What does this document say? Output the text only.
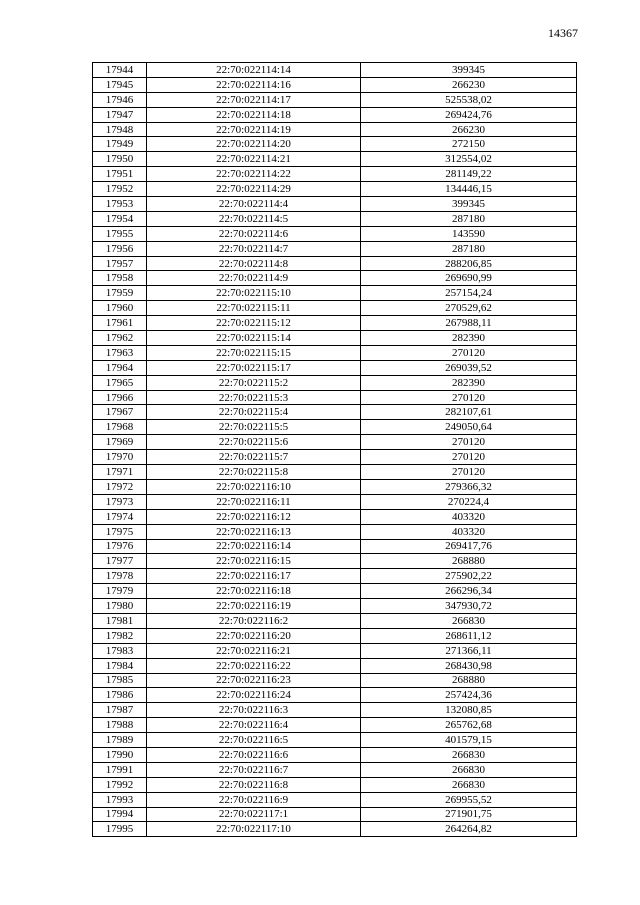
14367
17944	22:70:022114:14	399345
17945	22:70:022114:16	266230
17946	22:70:022114:17	525538,02
17947	22:70:022114:18	269424,76
17948	22:70:022114:19	266230
17949	22:70:022114:20	272150
17950	22:70:022114:21	312554,02
17951	22:70:022114:22	281149,22
17952	22:70:022114:29	134446,15
17953	22:70:022114:4	399345
17954	22:70:022114:5	287180
17955	22:70:022114:6	143590
17956	22:70:022114:7	287180
17957	22:70:022114:8	288206,85
17958	22:70:022114:9	269690,99
17959	22:70:022115:10	257154,24
17960	22:70:022115:11	270529,62
17961	22:70:022115:12	267988,11
17962	22:70:022115:14	282390
17963	22:70:022115:15	270120
17964	22:70:022115:17	269039,52
17965	22:70:022115:2	282390
17966	22:70:022115:3	270120
17967	22:70:022115:4	282107,61
17968	22:70:022115:5	249050,64
17969	22:70:022115:6	270120
17970	22:70:022115:7	270120
17971	22:70:022115:8	270120
17972	22:70:022116:10	279366,32
17973	22:70:022116:11	270224,4
17974	22:70:022116:12	403320
17975	22:70:022116:13	403320
17976	22:70:022116:14	269417,76
17977	22:70:022116:15	268880
17978	22:70:022116:17	275902,22
17979	22:70:022116:18	266296,34
17980	22:70:022116:19	347930,72
17981	22:70:022116:2	266830
17982	22:70:022116:20	268611,12
17983	22:70:022116:21	271366,11
17984	22:70:022116:22	268430,98
17985	22:70:022116:23	268880
17986	22:70:022116:24	257424,36
17987	22:70:022116:3	132080,85
17988	22:70:022116:4	265762,68
17989	22:70:022116:5	401579,15
17990	22:70:022116:6	266830
17991	22:70:022116:7	266830
17992	22:70:022116:8	266830
17993	22:70:022116:9	269955,52
17994	22:70:022117:1	271901,75
17995	22:70:022117:10	264264,82
